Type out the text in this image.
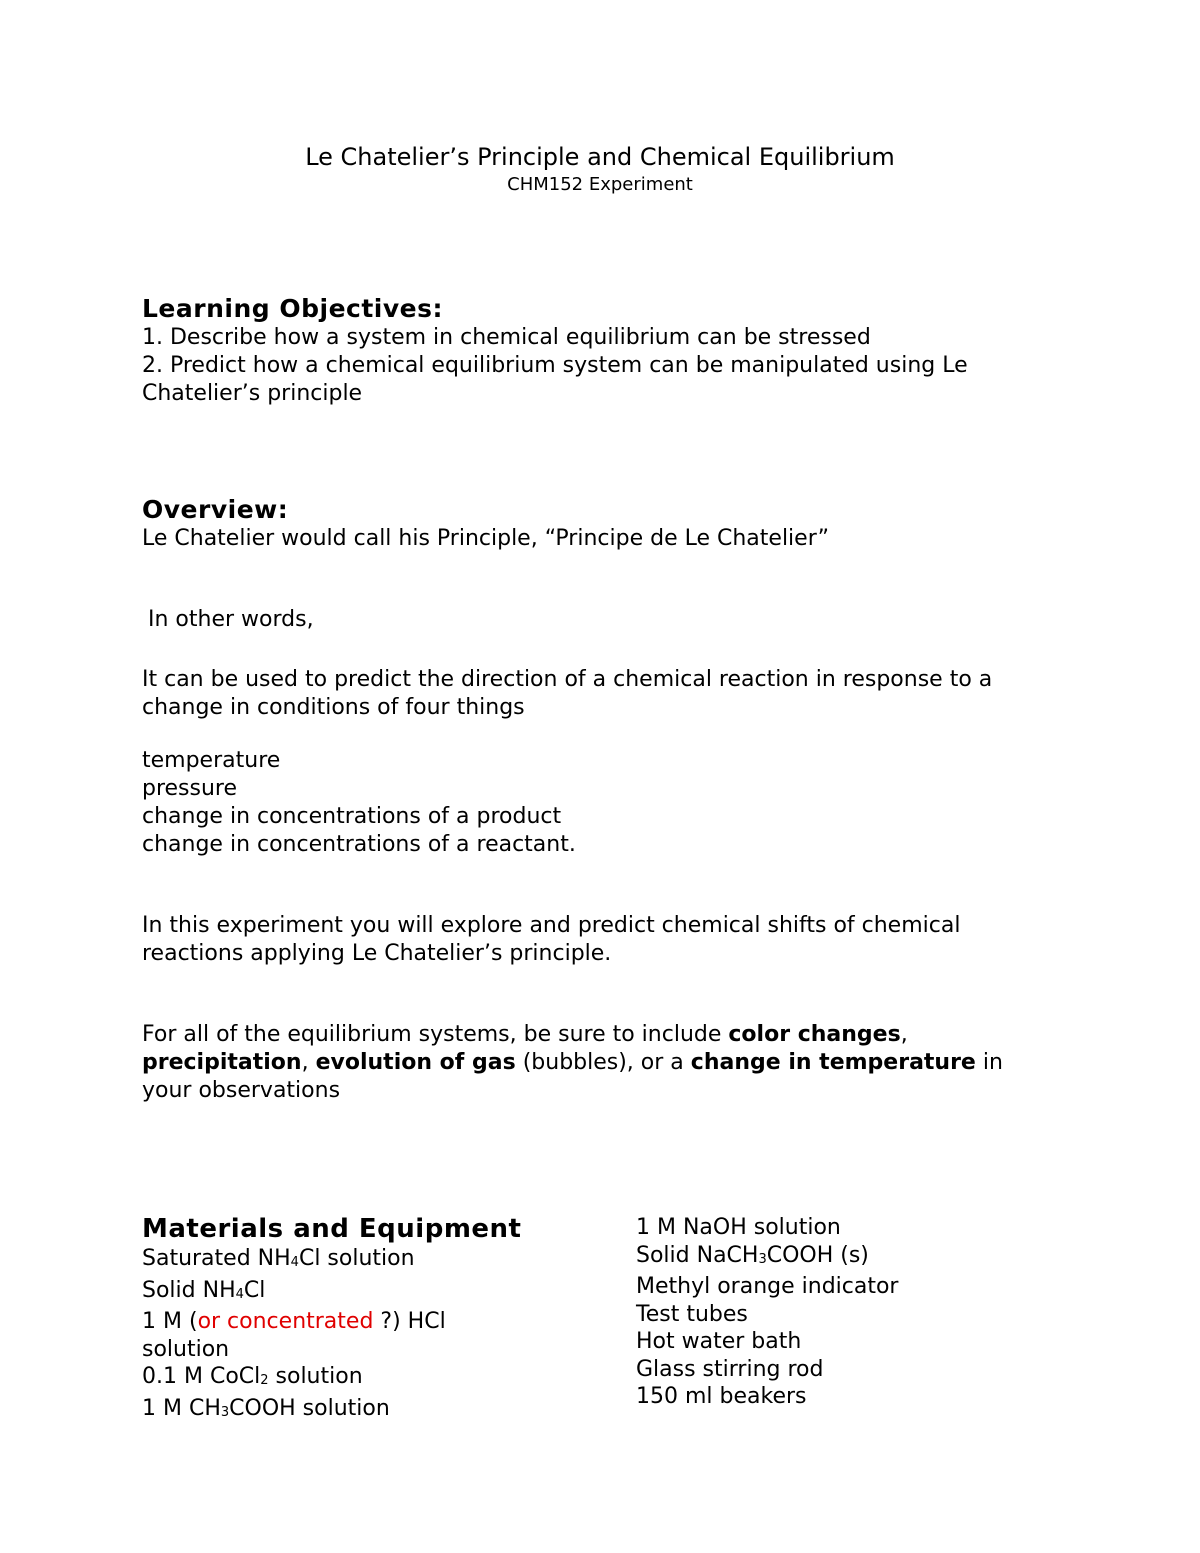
Le Chatelier’s Principle and Chemical Equilibrium
CHM152 Experiment
Learning Objectives:
1. Describe how a system in chemical equilibrium can be stressed
2. Predict how a chemical equilibrium system can be manipulated using Le Chatelier’s principle
Overview:
Le Chatelier would call his Principle, “Principe de Le Chatelier”
In other words,
It can be used to predict the direction of a chemical reaction in response to a change in conditions of four things
temperature
pressure
change in concentrations of a product
change in concentrations of a reactant.
In this experiment you will explore and predict chemical shifts of chemical reactions applying Le Chatelier’s principle.
For all of the equilibrium systems, be sure to include color changes, precipitation, evolution of gas (bubbles), or a change in temperature in your observations
Materials and Equipment
Saturated $NH_4Cl$ solution
Solid $NH_4Cl$
1 M (or concentrated ?) HCl
solution
0.1 M CoCl$_2$ solution
1 M $CH_3COOH$ solution
1 M NaOH solution
Solid NaCH$_3$COOH (s)
Methyl orange indicator
Test tubes
Hot water bath
Glass stirring rod
150 ml beakers
